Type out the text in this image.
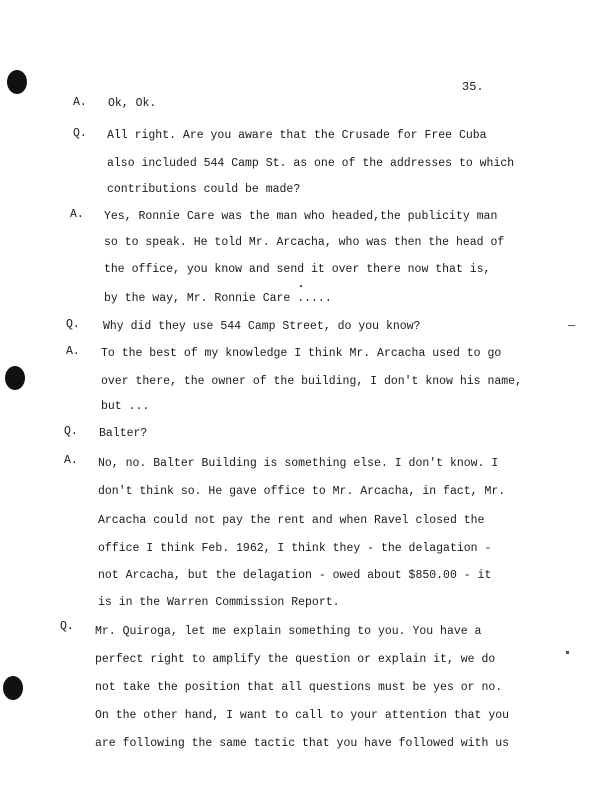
35.
A. Ok, Ok.
Q. All right. Are you aware that the Crusade for Free Cuba
also included 544 Camp St. as one of the addresses to which
contributions could be made?
A. Yes, Ronnie Care was the man who headed,the publicity man
so to speak. He told Mr. Arcacha, who was then the head of
the office, you know and send it over there now that is,
by the way, Mr. Ronnie Care .....
Q. Why did they use 544 Camp Street, do you know?
A. To the best of my knowledge I think Mr. Arcacha used to go
over there, the owner of the building, I don't know his name,
but ...
Q. Balter?
A. No, no. Balter Building is something else. I don't know. I
don't think so. He gave office to Mr. Arcacha, in fact, Mr.
Arcacha could not pay the rent and when Ravel closed the
office I think Feb. 1962, I think they - the delagation -
not Arcacha, but the delagation - owed about $850.00 - it
is in the Warren Commission Report.
Q. Mr. Quiroga, let me explain something to you. You have a
perfect right to amplify the question or explain it, we do
not take the position that all questions must be yes or no.
On the other hand, I want to call to your attention that you
are following the same tactic that you have followed with us
